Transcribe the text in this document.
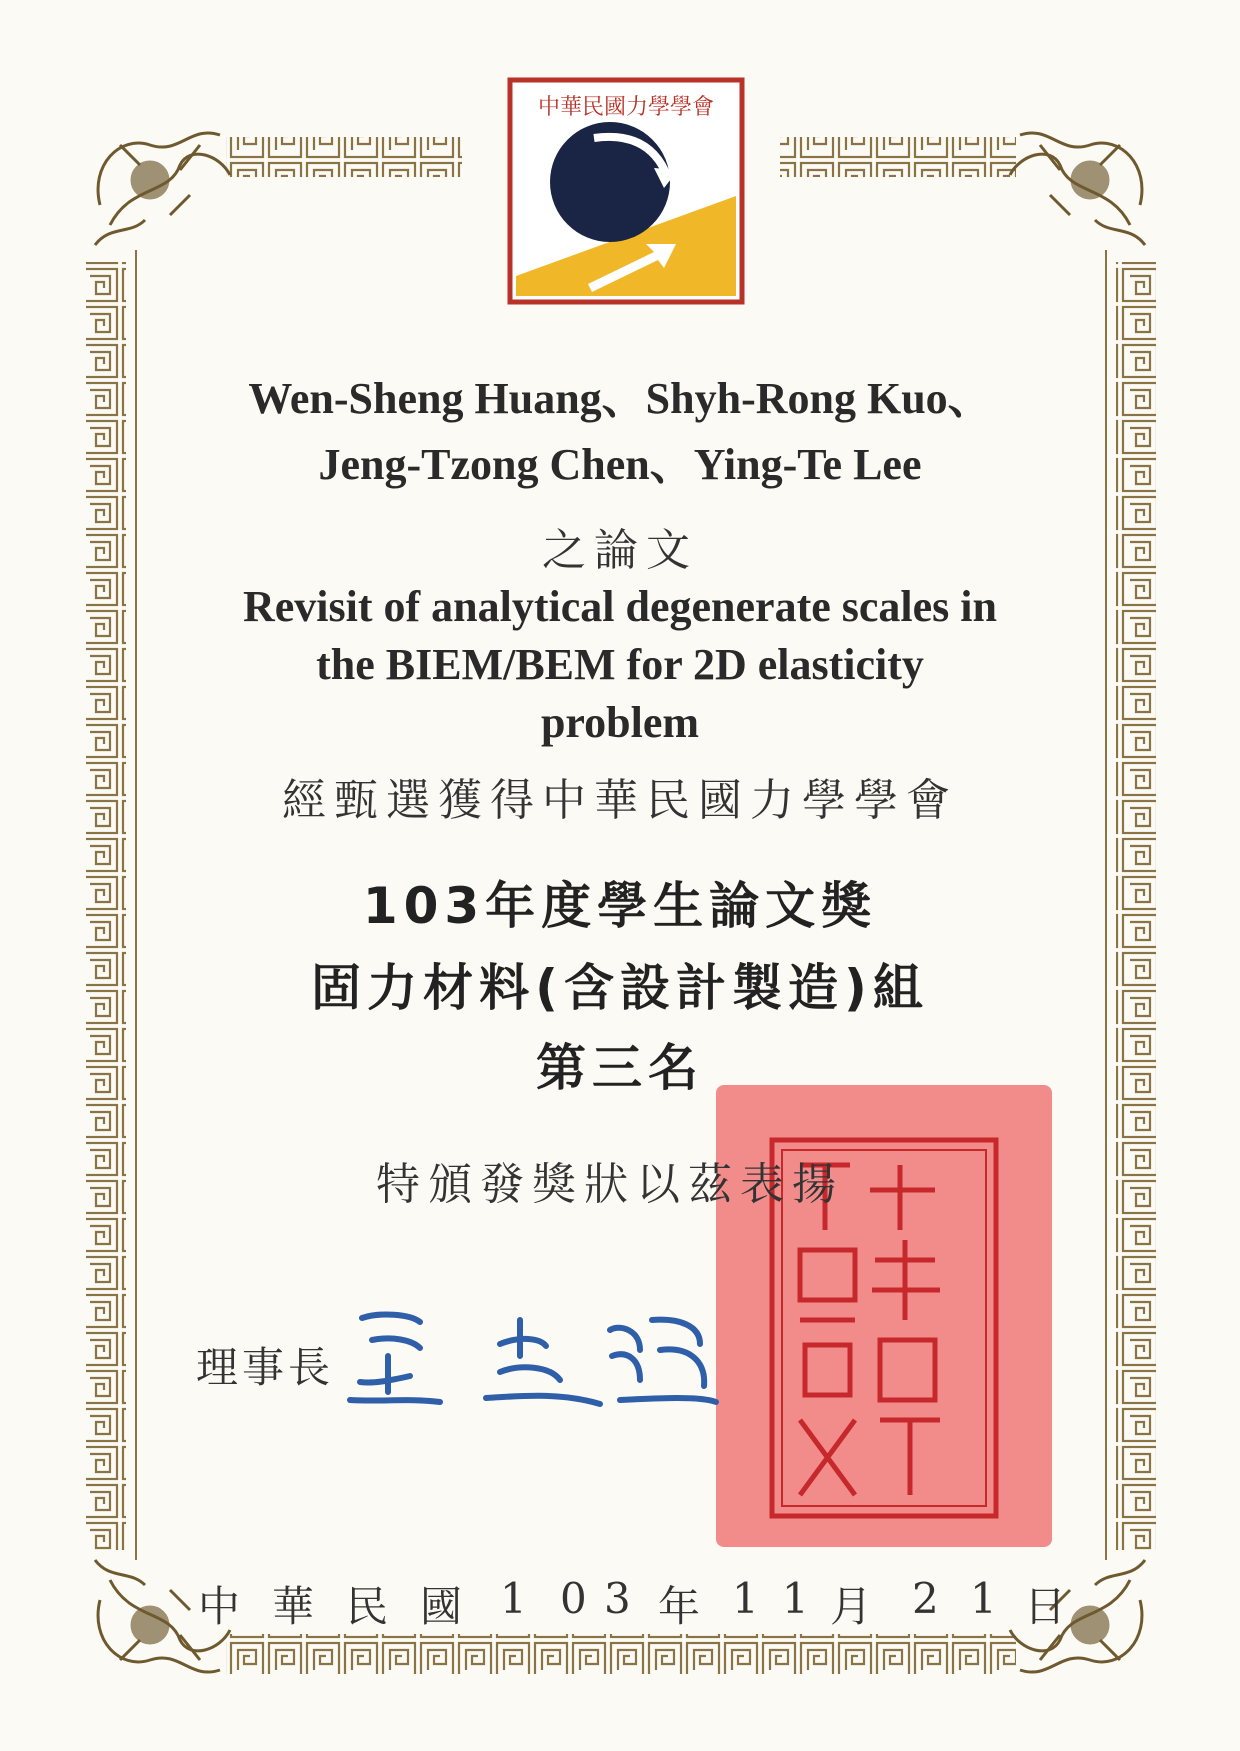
中華民國力學學會
Wen-Sheng Huang、Shyh-Rong Kuo、
Jeng-Tzong Chen、Ying-Te Lee
之論文
Revisit of analytical degenerate scales in
the BIEM/BEM for 2D elasticity
problem
經甄選獲得中華民國力學學會
103年度學生論文獎
固力材料(含設計製造)組
第三名
特頒發獎狀以茲表揚
理事長
中 華 民 國 1 0 3 年 1 1 月 2 1 日
